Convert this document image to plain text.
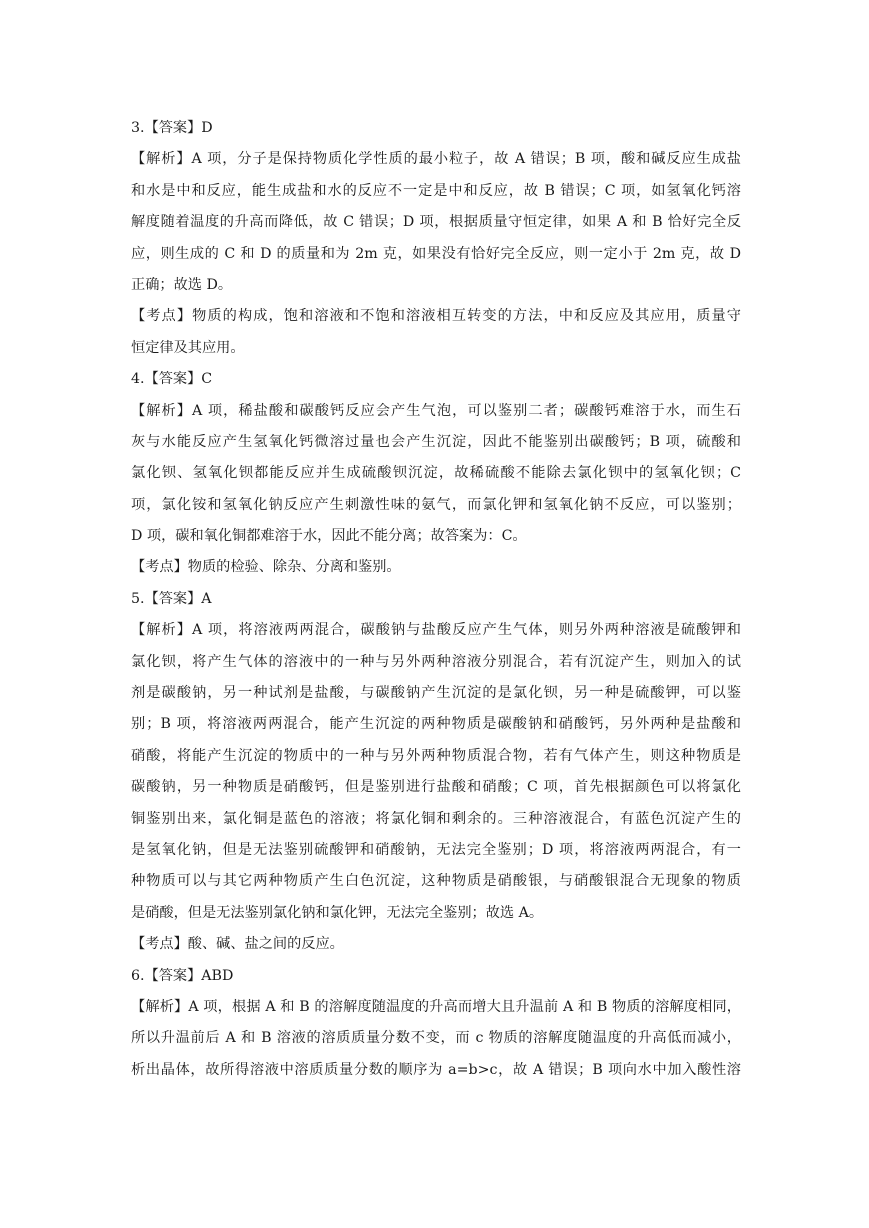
3.【答案】D
【解析】A 项，分子是保持物质化学性质的最小粒子，故 A 错误；B 项，酸和碱反应生成盐
和水是中和反应，能生成盐和水的反应不一定是中和反应，故 B 错误；C 项，如氢氧化钙溶
解度随着温度的升高而降低，故 C 错误；D 项，根据质量守恒定律，如果 A 和 B 恰好完全反
应，则生成的 C 和 D 的质量和为 2m 克，如果没有恰好完全反应，则一定小于 2m 克，故 D
正确；故选 D。
【考点】物质的构成，饱和溶液和不饱和溶液相互转变的方法，中和反应及其应用，质量守
恒定律及其应用。
4.【答案】C
【解析】A 项，稀盐酸和碳酸钙反应会产生气泡，可以鉴别二者；碳酸钙难溶于水，而生石
灰与水能反应产生氢氧化钙微溶过量也会产生沉淀，因此不能鉴别出碳酸钙；B 项，硫酸和
氯化钡、氢氧化钡都能反应并生成硫酸钡沉淀，故稀硫酸不能除去氯化钡中的氢氧化钡；C
项，氯化铵和氢氧化钠反应产生刺激性味的氨气，而氯化钾和氢氧化钠不反应，可以鉴别；
D 项，碳和氧化铜都难溶于水，因此不能分离；故答案为：C。
【考点】物质的检验、除杂、分离和鉴别。
5.【答案】A
【解析】A 项，将溶液两两混合，碳酸钠与盐酸反应产生气体，则另外两种溶液是硫酸钾和
氯化钡，将产生气体的溶液中的一种与另外两种溶液分别混合，若有沉淀产生，则加入的试
剂是碳酸钠，另一种试剂是盐酸，与碳酸钠产生沉淀的是氯化钡，另一种是硫酸钾，可以鉴
别；B 项，将溶液两两混合，能产生沉淀的两种物质是碳酸钠和硝酸钙，另外两种是盐酸和
硝酸，将能产生沉淀的物质中的一种与另外两种物质混合物，若有气体产生，则这种物质是
碳酸钠，另一种物质是硝酸钙，但是鉴别进行盐酸和硝酸；C 项，首先根据颜色可以将氯化
铜鉴别出来，氯化铜是蓝色的溶液；将氯化铜和剩余的。三种溶液混合，有蓝色沉淀产生的
是氢氧化钠，但是无法鉴别硫酸钾和硝酸钠，无法完全鉴别；D 项，将溶液两两混合，有一
种物质可以与其它两种物质产生白色沉淀，这种物质是硝酸银，与硝酸银混合无现象的物质
是硝酸，但是无法鉴别氯化钠和氯化钾，无法完全鉴别；故选 A。
【考点】酸、碱、盐之间的反应。
6.【答案】ABD
【解析】A 项，根据 A 和 B 的溶解度随温度的升高而增大且升温前 A 和 B 物质的溶解度相同，
所以升温前后 A 和 B 溶液的溶质质量分数不变，而 c 物质的溶解度随温度的升高低而减小，
析出晶体，故所得溶液中溶质质量分数的顺序为 a=b>c，故 A 错误；B 项向水中加入酸性溶
